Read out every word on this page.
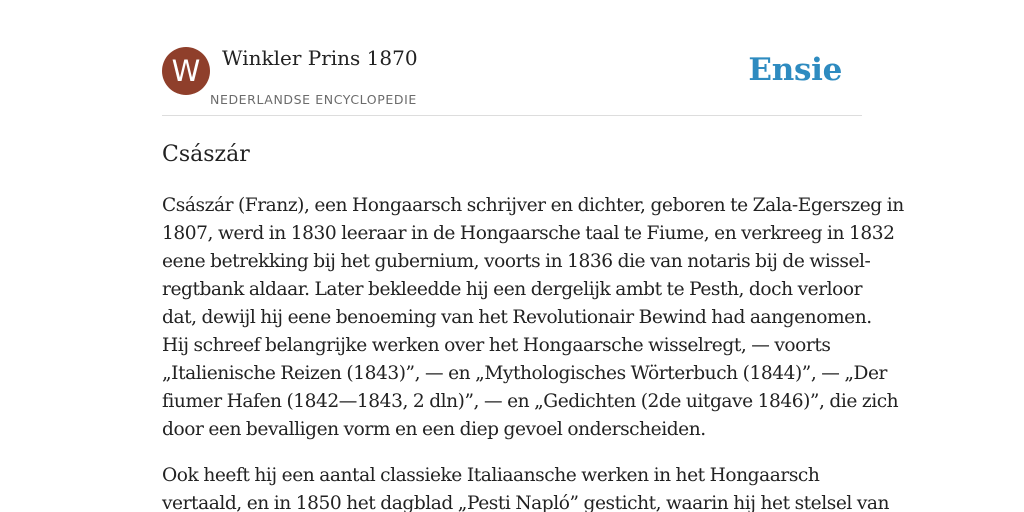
W Winkler Prins 1870
NEDERLANDSE ENCYCLOPEDIE
Ensie
Császár

Császár (Franz), een Hongaarsch schrijver en dichter, geboren te Zala-Egerszeg in
1807, werd in 1830 leeraar in de Hongaarsche taal te Fiume, en verkreeg in 1832
eene betrekking bij het gubernium, voorts in 1836 die van notaris bij de wissel-
regtbank aldaar. Later bekleedde hij een dergelijk ambt te Pesth, doch verloor
dat, dewijl hij eene benoeming van het Revolutionair Bewind had aangenomen.
Hij schreef belangrijke werken over het Hongaarsche wisselregt, — voorts
„Italienische Reizen (1843)”, — en „Mythologisches Wörterbuch (1844)”, — „Der
fiumer Hafen (1842—1843, 2 dln)”, — en „Gedichten (2de uitgave 1846)”, die zich
door een bevalligen vorm en een diep gevoel onderscheiden.

Ook heeft hij een aantal classieke Italiaansche werken in het Hongaarsch
vertaald, en in 1850 het dagblad „Pesti Napló” gesticht, waarin hij het stelsel van
